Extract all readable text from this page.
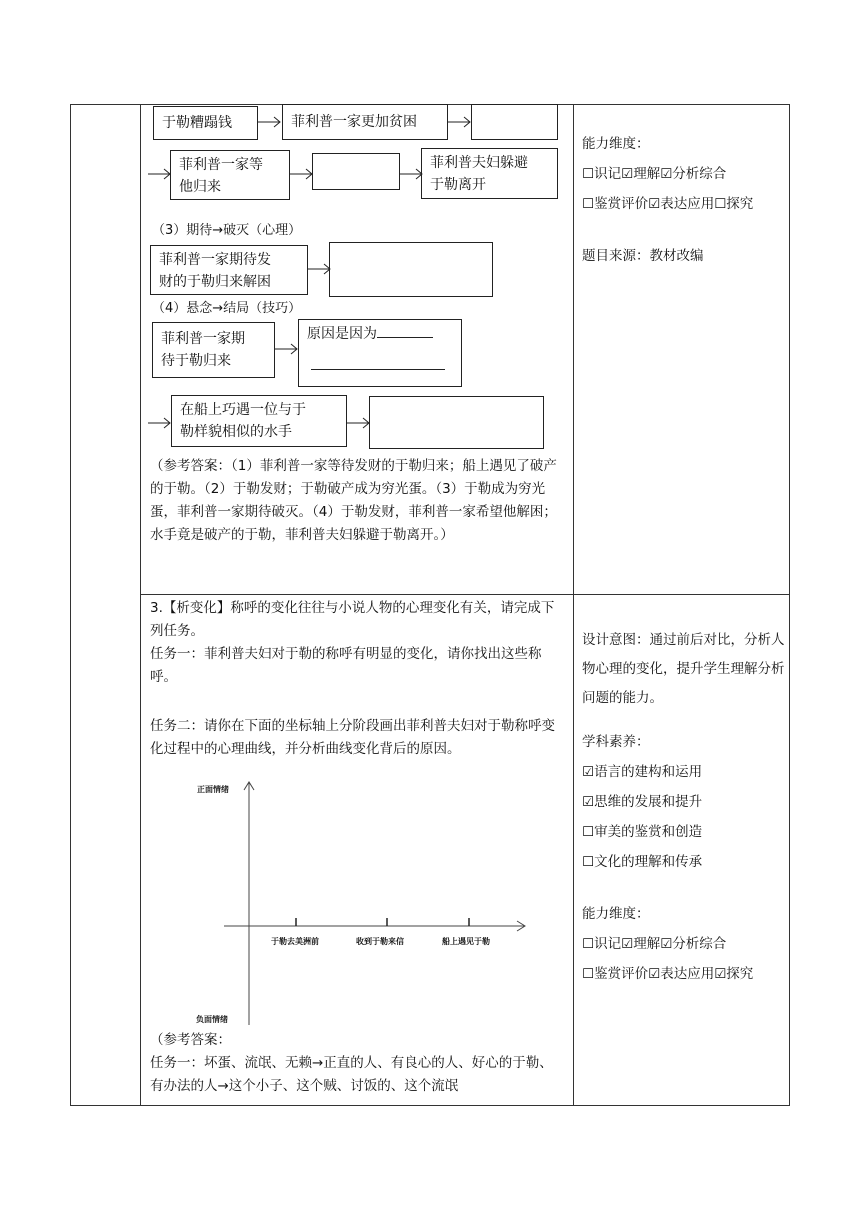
于勒糟蹋钱	菲利普一家更加贫困
菲利普一家等
他归来
菲利普夫妇躲避
于勒离开
（3）期待→破灭（心理）
菲利普一家期待发
财的于勒归来解困
（4）悬念→结局（技巧）
菲利普一家期
待于勒归来
原因是因为
在船上巧遇一位与于
勒样貌相似的水手
（参考答案：（1）菲利普一家等待发财的于勒归来；船上遇见了破产的于勒。（2）于勒发财；于勒破产成为穷光蛋。（3）于勒成为穷光蛋，菲利普一家期待破灭。（4）于勒发财，菲利普一家希望他解困；水手竟是破产的于勒，菲利普夫妇躲避于勒离开。）
能力维度：
☐识记☑理解☑分析综合
☐鉴赏评价☑表达应用☐探究
题目来源：教材改编
3.【析变化】称呼的变化往往与小说人物的心理变化有关，请完成下列任务。
任务一：菲利普夫妇对于勒的称呼有明显的变化，请你找出这些称呼。
任务二：请你在下面的坐标轴上分阶段画出菲利普夫妇对于勒称呼变化过程中的心理曲线，并分析曲线变化背后的原因。
正面情绪
负面情绪
于勒去美洲前	收到于勒来信	船上遇见于勒
（参考答案：
任务一：坏蛋、流氓、无赖→正直的人、有良心的人、好心的于勒、有办法的人→这个小子、这个贼、讨饭的、这个流氓
设计意图：通过前后对比，分析人物心理的变化，提升学生理解分析问题的能力。
学科素养：
☑语言的建构和运用
☑思维的发展和提升
☐审美的鉴赏和创造
☐文化的理解和传承
能力维度：
☐识记☑理解☑分析综合
☐鉴赏评价☑表达应用☑探究
